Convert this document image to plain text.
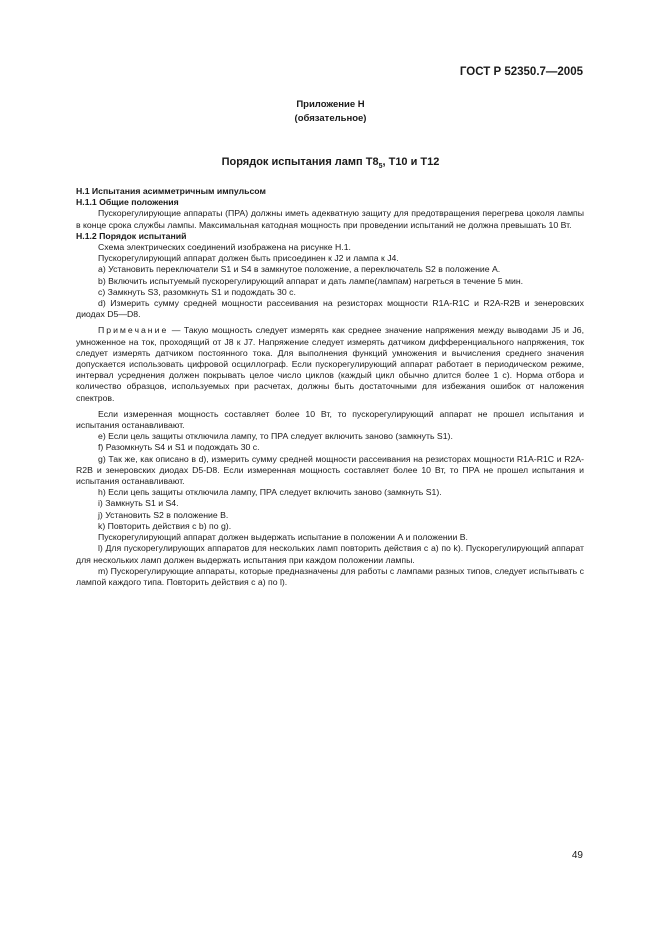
ГОСТ Р 52350.7—2005
Приложение Н
(обязательное)
Порядок испытания ламп $Т8_5$, Т10 и Т12

Н.1 Испытания асимметричным импульсом

Н.1.1 Общие положения

Пускорегулирующие аппараты (ПРА) должны иметь адекватную защиту для предотвращения перегрева цоколя лампы в конце срока службы лампы. Максимальная катодная мощность при проведении испытаний не должна превышать 10 Вт.

Н.1.2 Порядок испытаний

Схема электрических соединений изображена на рисунке Н.1.

Пускорегулирующий аппарат должен быть присоединен к J2 и лампа к J4.

а) Установить переключатели S1 и S4 в замкнутое положение, а переключатель S2 в положение А.

b) Включить испытуемый пускорегулирующий аппарат и дать лампе(лампам) нагреться в течение 5 мин.

с) Замкнуть S3, разомкнуть S1 и подождать 30 с.

d) Измерить сумму средней мощности рассеивания на резисторах мощности R1A-R1C и R2A-R2B и зенеровских диодах D5—D8.

Примечание — Такую мощность следует измерять как среднее значение напряжения между выводами J5 и J6, умноженное на ток, проходящий от J8 к J7. Напряжение следует измерять датчиком дифференциального напряжения, ток следует измерять датчиком постоянного тока. Для выполнения функций умножения и вычисления среднего значения допускается использовать цифровой осциллограф. Если пускорегулирующий аппарат работает в периодическом режиме, интервал усреднения должен покрывать целое число циклов (каждый цикл обычно длится более 1 с). Норма отбора и количество образцов, используемых при расчетах, должны быть достаточными для избежания ошибок от наложения спектров.

Если измеренная мощность составляет более 10 Вт, то пускорегулирующий аппарат не прошел испытания и испытания останавливают.

е) Если цель защиты отключила лампу, то ПРА следует включить заново (замкнуть S1).

f) Разомкнуть S4 и S1 и подождать 30 с.

g) Так же, как описано в d), измерить сумму средней мощности рассеивания на резисторах мощности R1A-R1C и R2A-R2B и зенеровских диодах D5-D8. Если измеренная мощность составляет более 10 Вт, то ПРА не прошел испытания и испытания останавливают.

h) Если цепь защиты отключила лампу, ПРА следует включить заново (замкнуть S1).

i) Замкнуть S1 и S4.

j) Установить S2 в положение В.

k) Повторить действия с b) по g).

Пускорегулирующий аппарат должен выдержать испытание в положении А и положении В.

l) Для пускорегулирующих аппаратов для нескольких ламп повторить действия с а) по k). Пускорегулирующий аппарат для нескольких ламп должен выдержать испытания при каждом положении лампы.

m) Пускорегулирующие аппараты, которые предназначены для работы с лампами разных типов, следует испытывать с лампой каждого типа. Повторить действия с а) по l).

49
